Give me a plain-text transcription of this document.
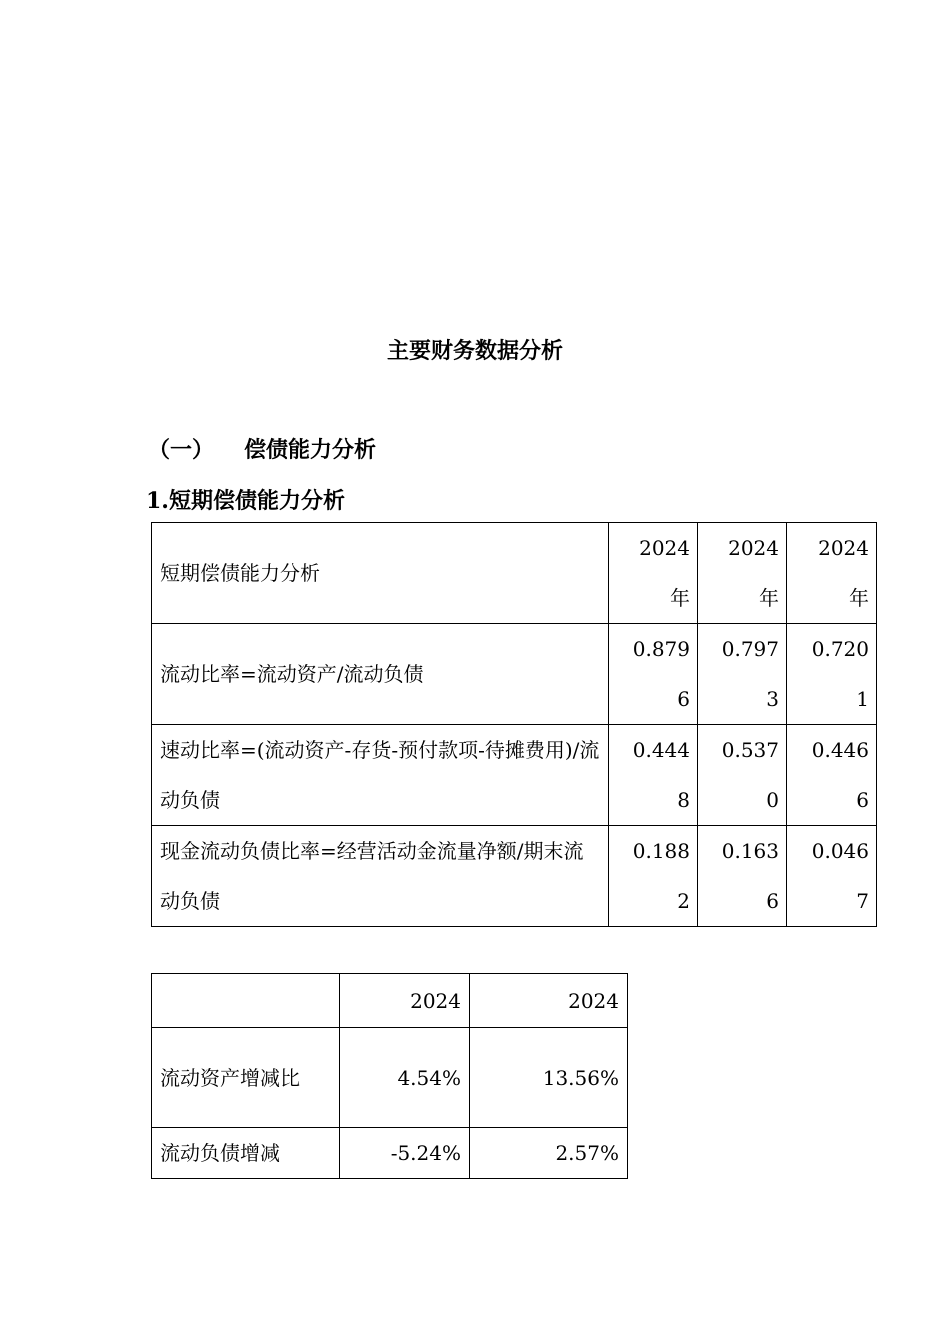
主要财务数据分析
（一） 偿债能力分析
1.短期偿债能力分析
短期偿债能力分析	2024年	2024年	2024年
流动比率=流动资产/流动负债	0.8796	0.7973	0.7201
速动比率=(流动资产-存货-预付款项-待摊费用)/流动负债	0.4448	0.5370	0.4466
现金流动负债比率=经营活动金流量净额/期末流动负债	0.1882	0.1636	0.0467
	2024	2024
流动资产增减比	4.54%	13.56%
流动负债增减	-5.24%	2.57%
